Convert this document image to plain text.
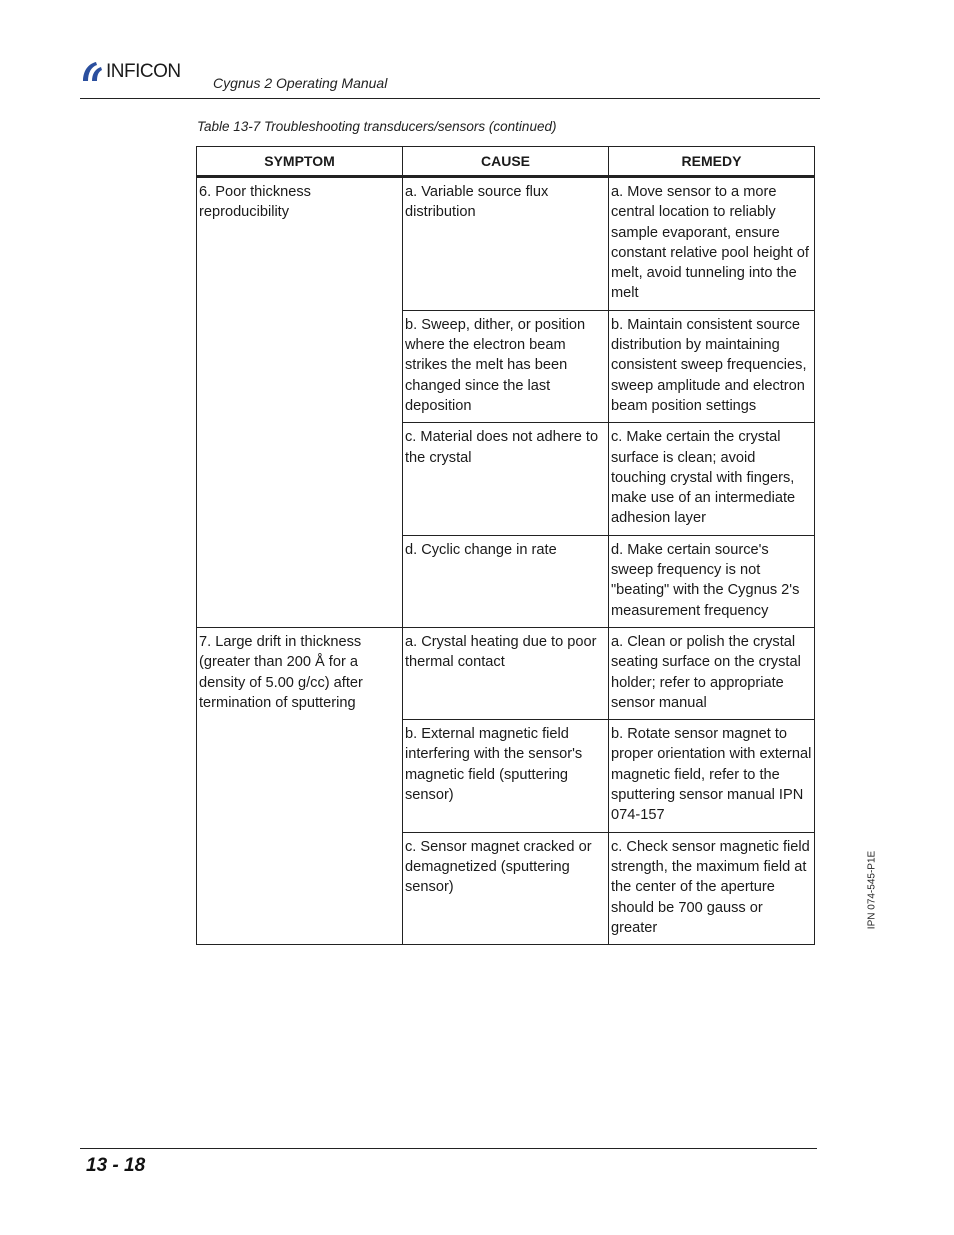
INFICON
Cygnus 2 Operating Manual
Table 13-7 Troubleshooting transducers/sensors (continued)
SYMPTOM	CAUSE	REMEDY
6. Poor thickness reproducibility	a. Variable source flux distribution	a. Move sensor to a more central location to reliably sample evaporant, ensure constant relative pool height of melt, avoid tunneling into the melt
	b. Sweep, dither, or position where the electron beam strikes the melt has been changed since the last deposition	b. Maintain consistent source distribution by maintaining consistent sweep frequencies, sweep amplitude and electron beam position settings
	c. Material does not adhere to the crystal	c. Make certain the crystal surface is clean; avoid touching crystal with fingers, make use of an intermediate adhesion layer
	d. Cyclic change in rate	d. Make certain source's sweep frequency is not "beating" with the Cygnus 2's measurement frequency
7. Large drift in thickness (greater than 200 Å for a density of 5.00 g/cc) after termination of sputtering	a. Crystal heating due to poor thermal contact	a. Clean or polish the crystal seating surface on the crystal holder; refer to appropriate sensor manual
	b. External magnetic field interfering with the sensor's magnetic field (sputtering sensor)	b. Rotate sensor magnet to proper orientation with external magnetic field, refer to the sputtering sensor manual IPN 074-157
	c. Sensor magnet cracked or demagnetized (sputtering sensor)	c. Check sensor magnetic field strength, the maximum field at the center of the aperture should be 700 gauss or greater	IPN 074-545-P1E
13 - 18
